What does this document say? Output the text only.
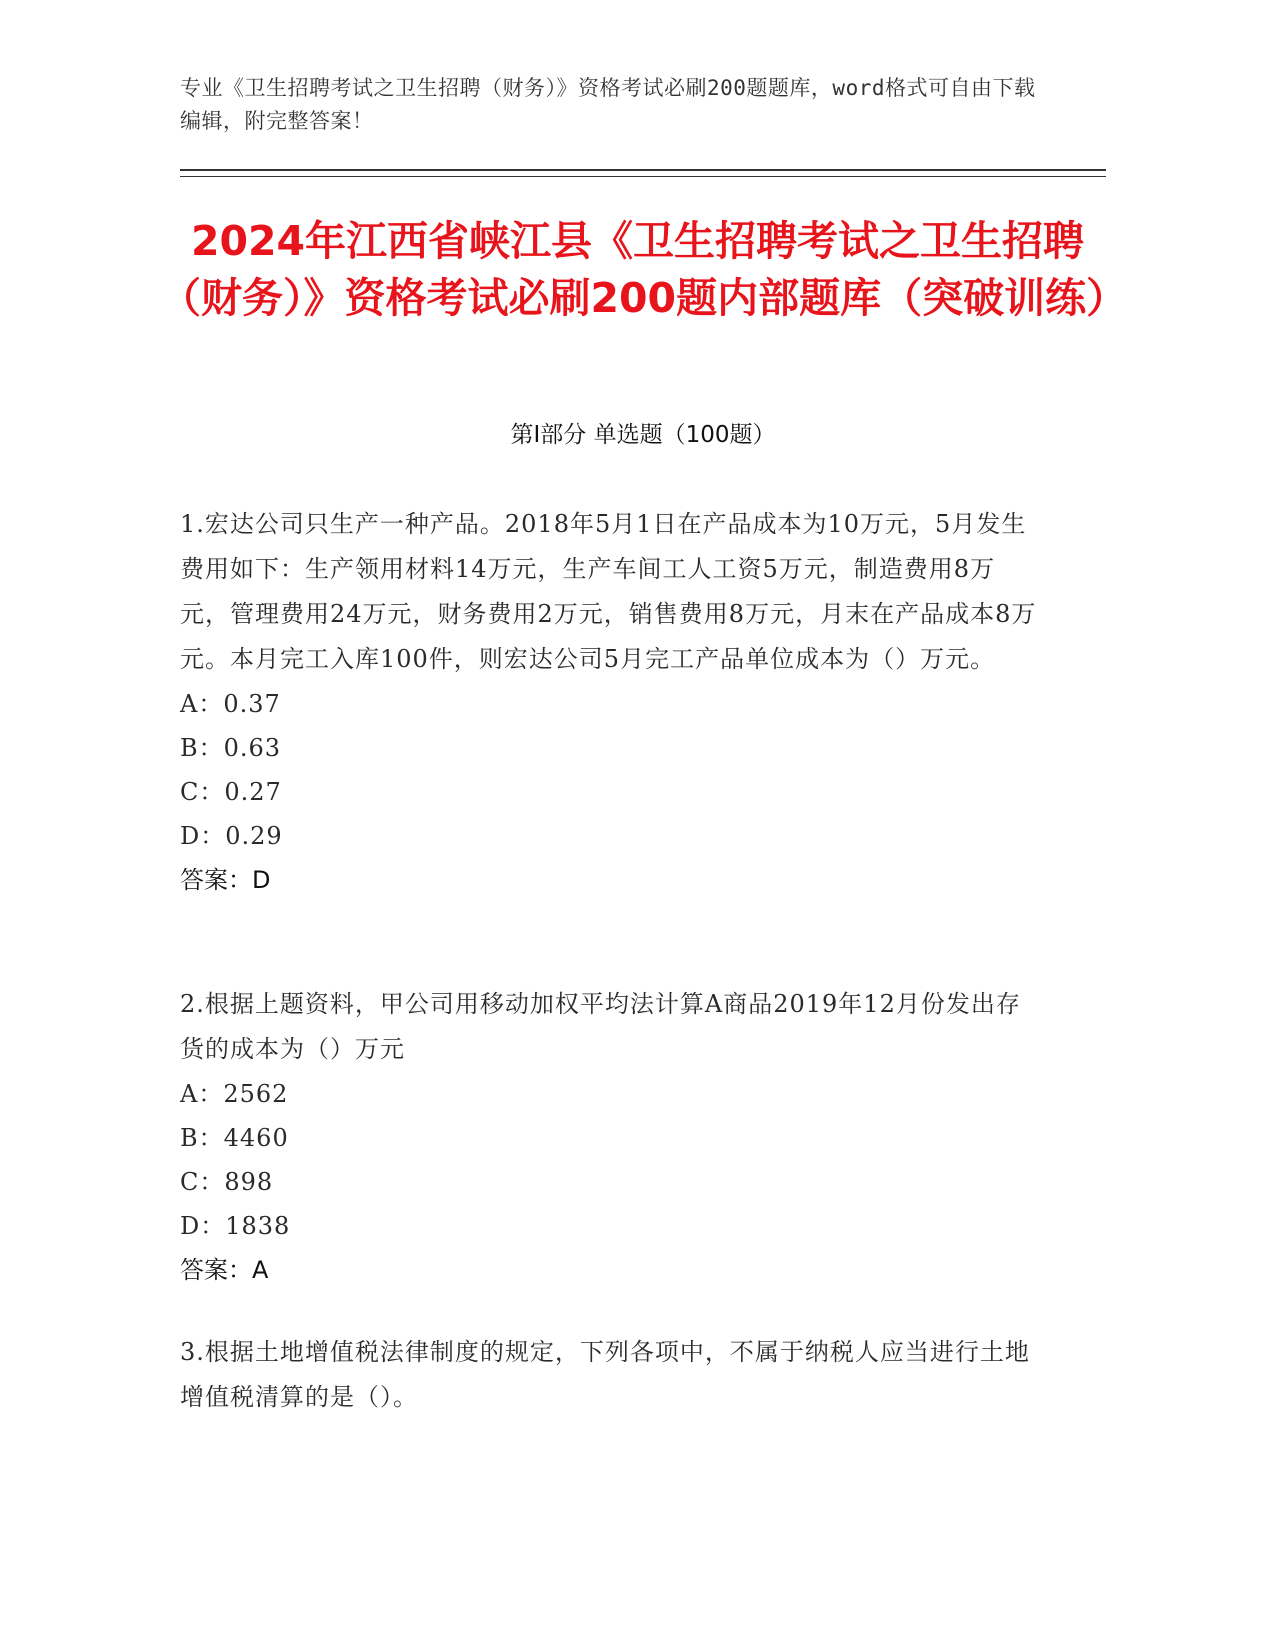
专业《卫生招聘考试之卫生招聘（财务）》资格考试必刷200题题库，word格式可自由下载编辑，附完整答案！
2024年江西省峡江县《卫生招聘考试之卫生招聘（财务）》资格考试必刷200题内部题库（突破训练）
第I部分 单选题（100题）
1.宏达公司只生产一种产品。2018年5月1日在产品成本为10万元，5月发生费用如下：生产领用材料14万元，生产车间工人工资5万元，制造费用8万元，管理费用24万元，财务费用2万元，销售费用8万元，月末在产品成本8万元。本月完工入库100件，则宏达公司5月完工产品单位成本为（）万元。
A：0.37
B：0.63
C：0.27
D：0.29
答案：D
2.根据上题资料，甲公司用移动加权平均法计算A商品2019年12月份发出存货的成本为（）万元
A：2562
B：4460
C：898
D：1838
答案：A
3.根据土地增值税法律制度的规定，下列各项中，不属于纳税人应当进行土地增值税清算的是（）。
